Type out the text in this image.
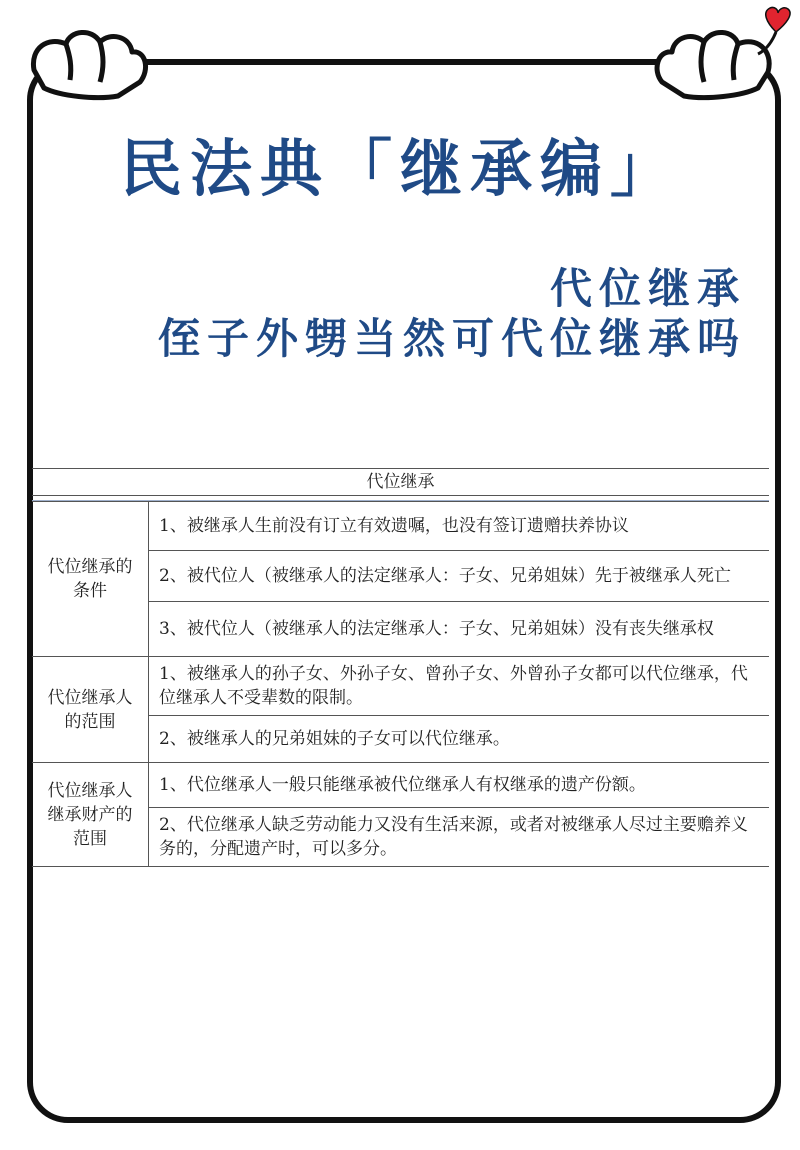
民法典「继承编」
代位继承
侄子外甥当然可代位继承吗
代位继承
代位继承的条件	1、被继承人生前没有订立有效遗嘱，也没有签订遗赠扶养协议
	2、被代位人（被继承人的法定继承人：子女、兄弟姐妹）先于被继承人死亡
	3、被代位人（被继承人的法定继承人：子女、兄弟姐妹）没有丧失继承权
代位继承人的范围	1、被继承人的孙子女、外孙子女、曾孙子女、外曾孙子女都可以代位继承，代位继承人不受辈数的限制。
	2、被继承人的兄弟姐妹的子女可以代位继承。
代位继承人继承财产的范围	1、代位继承人一般只能继承被代位继承人有权继承的遗产份额。
	2、代位继承人缺乏劳动能力又没有生活来源，或者对被继承人尽过主要赡养义务的，分配遗产时，可以多分。
